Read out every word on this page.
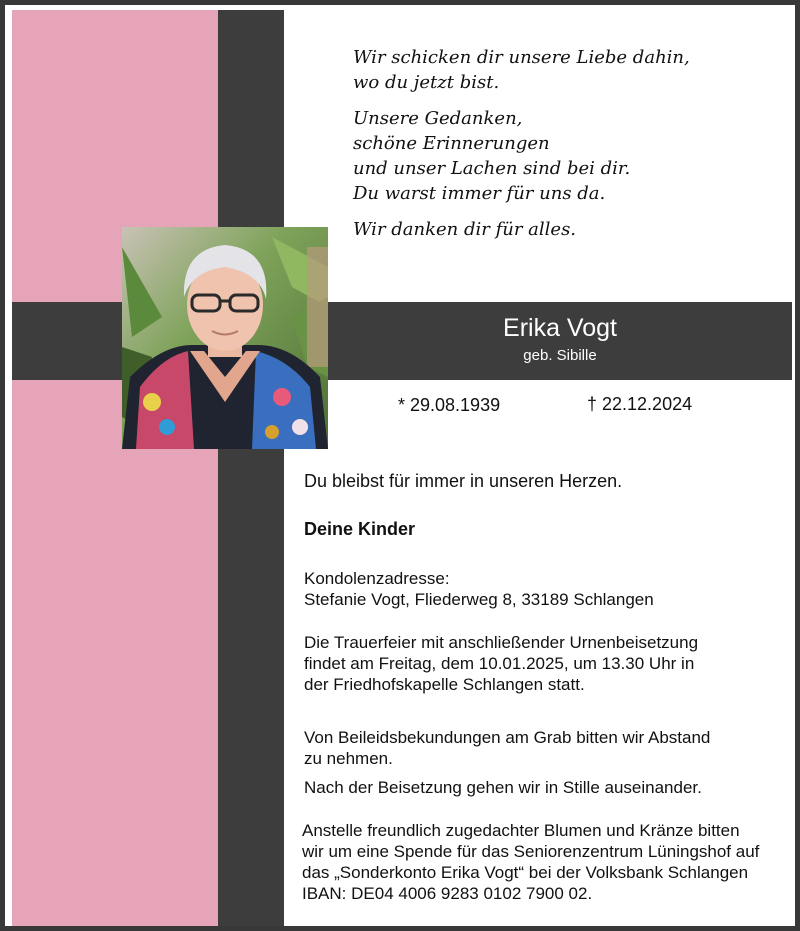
Wir schicken dir unsere Liebe dahin,
wo du jetzt bist.

Unsere Gedanken,
schöne Erinnerungen
und unser Lachen sind bei dir.
Du warst immer für uns da.

Wir danken dir für alles.

Erika Vogt
geb. Sibille
* 29.08.1939	† 22.12.2024

Du bleibst für immer in unseren Herzen.

Deine Kinder

Kondolenzadresse:
Stefanie Vogt, Fliederweg 8, 33189 Schlangen

Die Trauerfeier mit anschließender Urnenbeisetzung
findet am Freitag, dem 10.01.2025, um 13.30 Uhr in
der Friedhofskapelle Schlangen statt.

Von Beileidsbekundungen am Grab bitten wir Abstand
zu nehmen.

Nach der Beisetzung gehen wir in Stille auseinander.

Anstelle freundlich zugedachter Blumen und Kränze bitten
wir um eine Spende für das Seniorenzentrum Lüningshof auf
das „Sonderkonto Erika Vogt“ bei der Volksbank Schlangen
IBAN: DE04 4006 9283 0102 7900 02.
